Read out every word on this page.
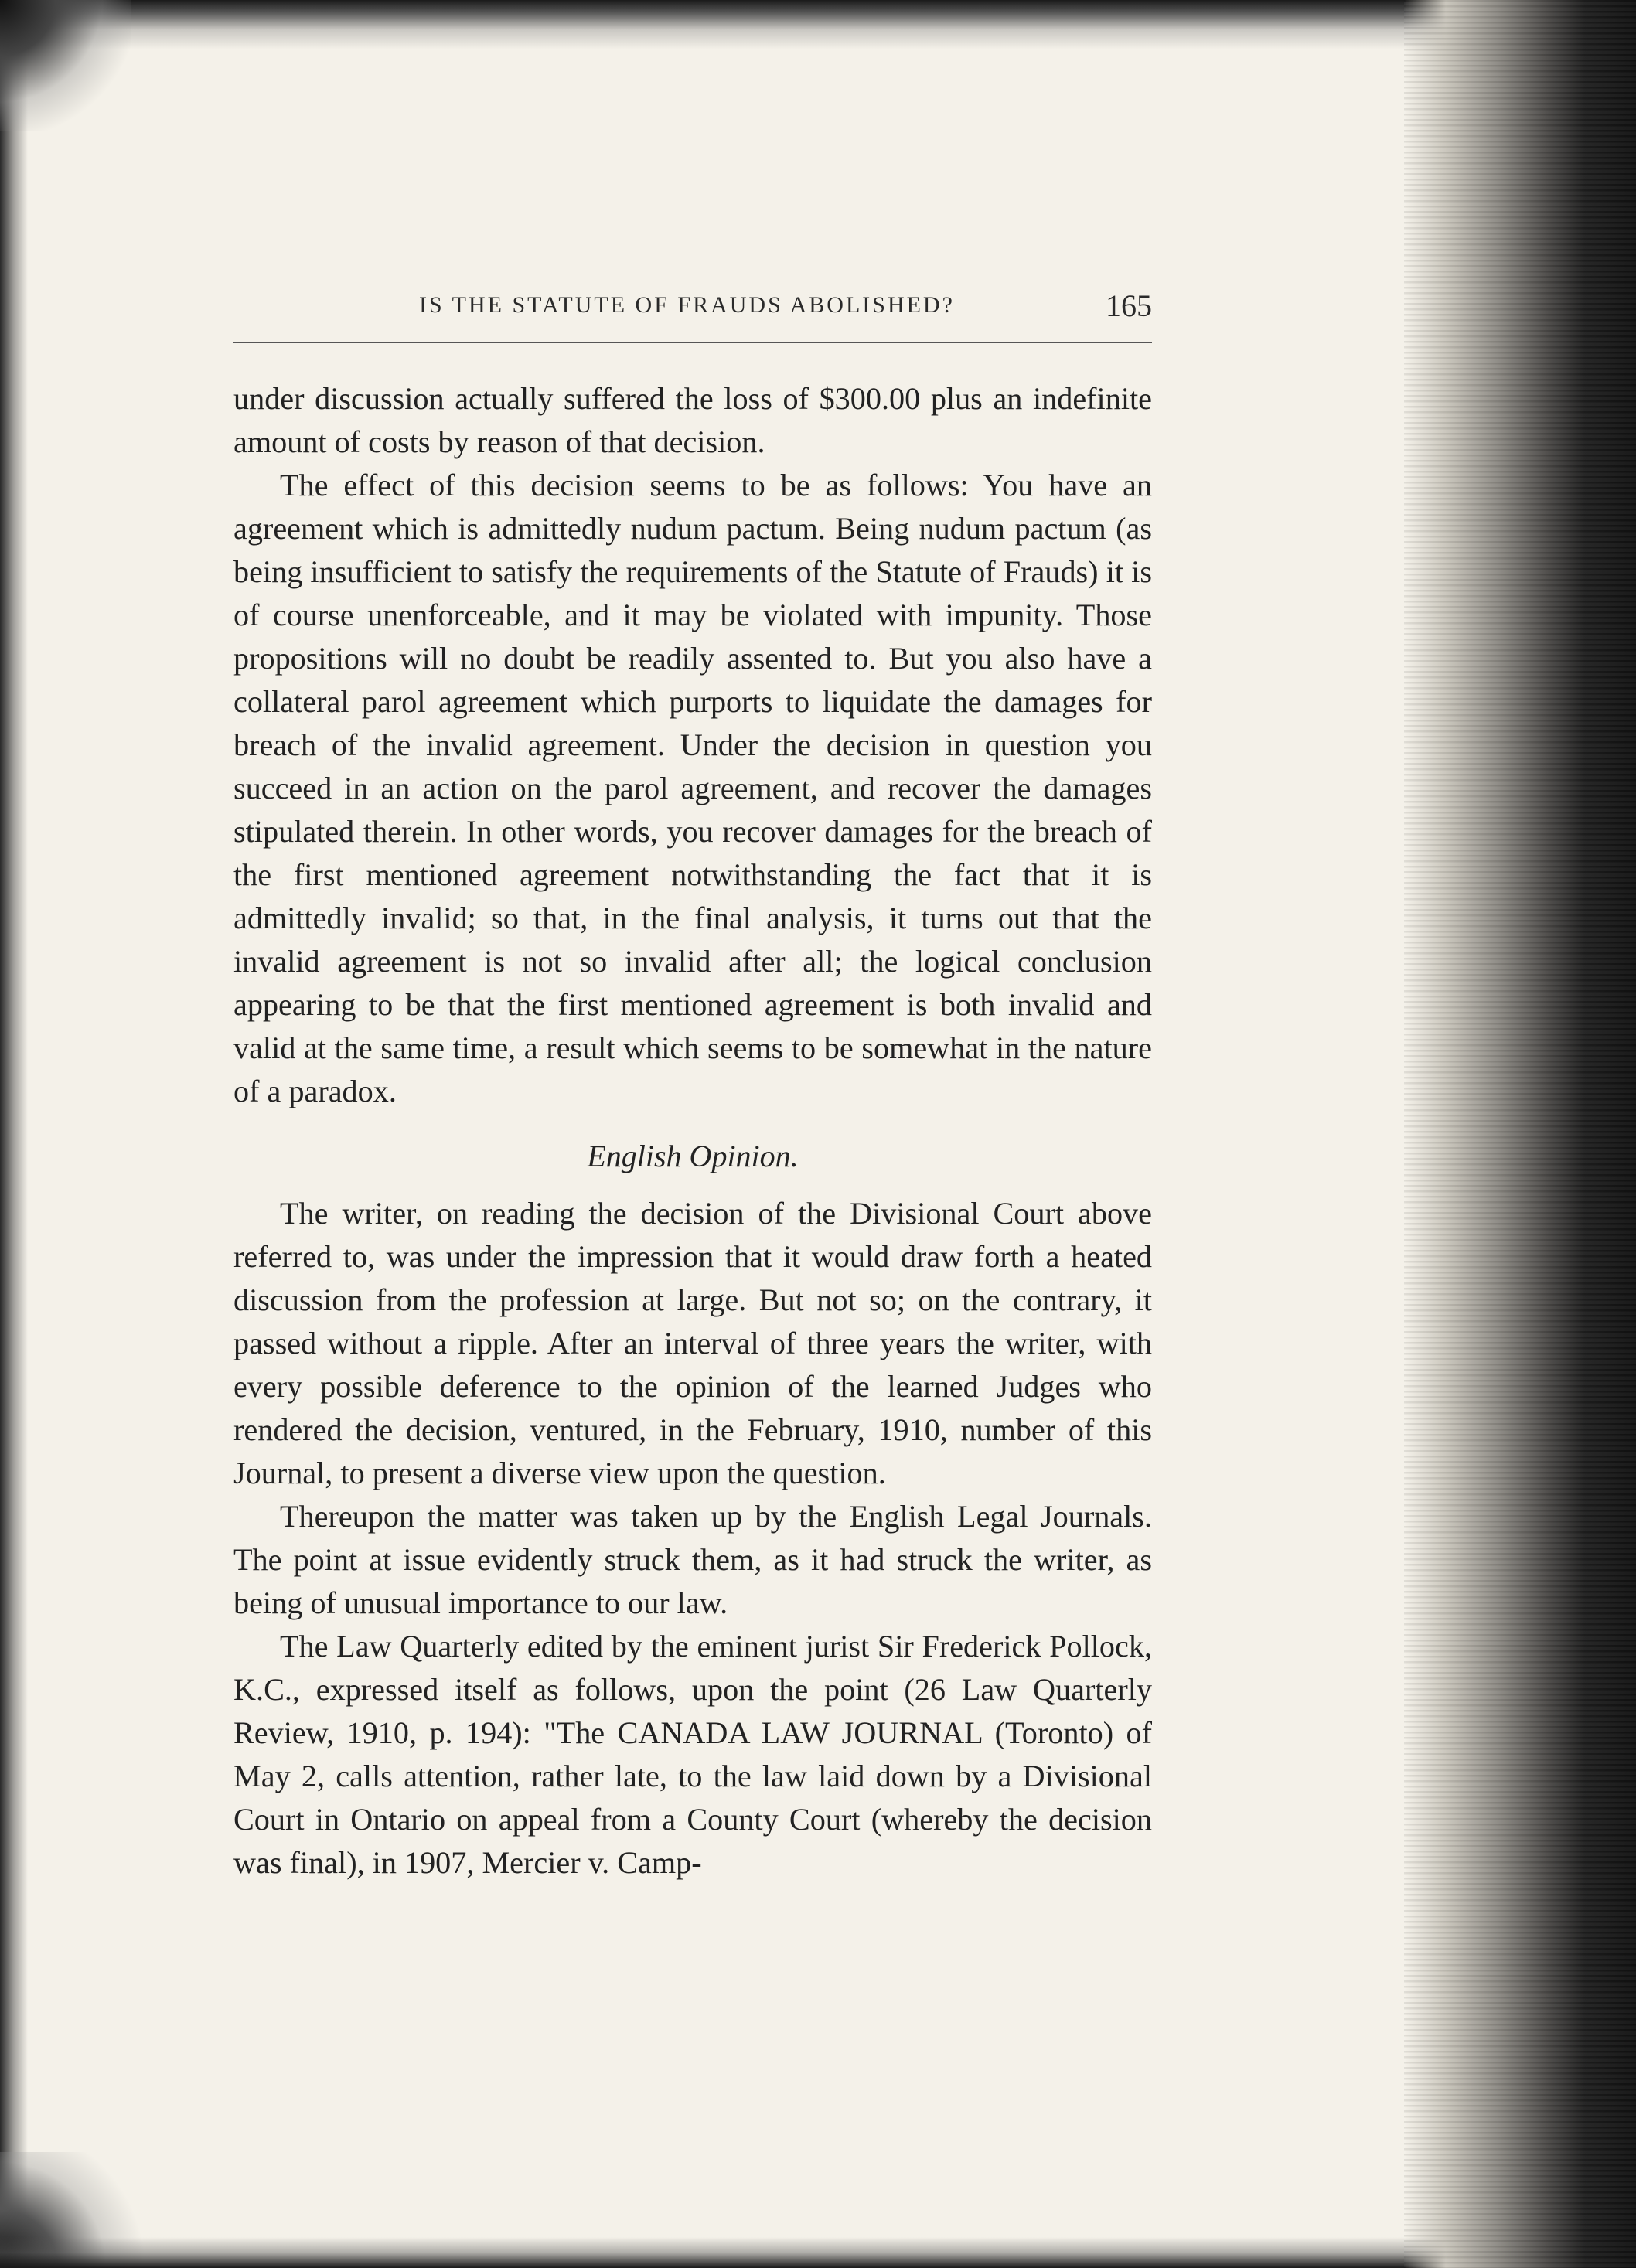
IS THE STATUTE OF FRAUDS ABOLISHED?	165

under discussion actually suffered the loss of $300.00 plus an indefinite amount of costs by reason of that decision.

The effect of this decision seems to be as follows: You have an agreement which is admittedly nudum pactum. Being nudum pactum (as being insufficient to satisfy the requirements of the Statute of Frauds) it is of course unenforceable, and it may be violated with impunity. Those propositions will no doubt be readily assented to. But you also have a collateral parol agreement which purports to liquidate the damages for breach of the invalid agreement. Under the decision in question you succeed in an action on the parol agreement, and recover the damages stipulated therein. In other words, you recover damages for the breach of the first mentioned agreement notwithstanding the fact that it is admittedly invalid; so that, in the final analysis, it turns out that the invalid agreement is not so invalid after all; the logical conclusion appearing to be that the first mentioned agreement is both invalid and valid at the same time, a result which seems to be somewhat in the nature of a paradox.

English Opinion.

The writer, on reading the decision of the Divisional Court above referred to, was under the impression that it would draw forth a heated discussion from the profession at large. But not so; on the contrary, it passed without a ripple. After an interval of three years the writer, with every possible deference to the opinion of the learned Judges who rendered the decision, ventured, in the February, 1910, number of this Journal, to present a diverse view upon the question.

Thereupon the matter was taken up by the English Legal Journals. The point at issue evidently struck them, as it had struck the writer, as being of unusual importance to our law.

The Law Quarterly edited by the eminent jurist Sir Frederick Pollock, K.C., expressed itself as follows, upon the point (26 Law Quarterly Review, 1910, p. 194): "The CANADA LAW JOURNAL (Toronto) of May 2, calls attention, rather late, to the law laid down by a Divisional Court in Ontario on appeal from a County Court (whereby the decision was final), in 1907, Mercier v. Camp-
